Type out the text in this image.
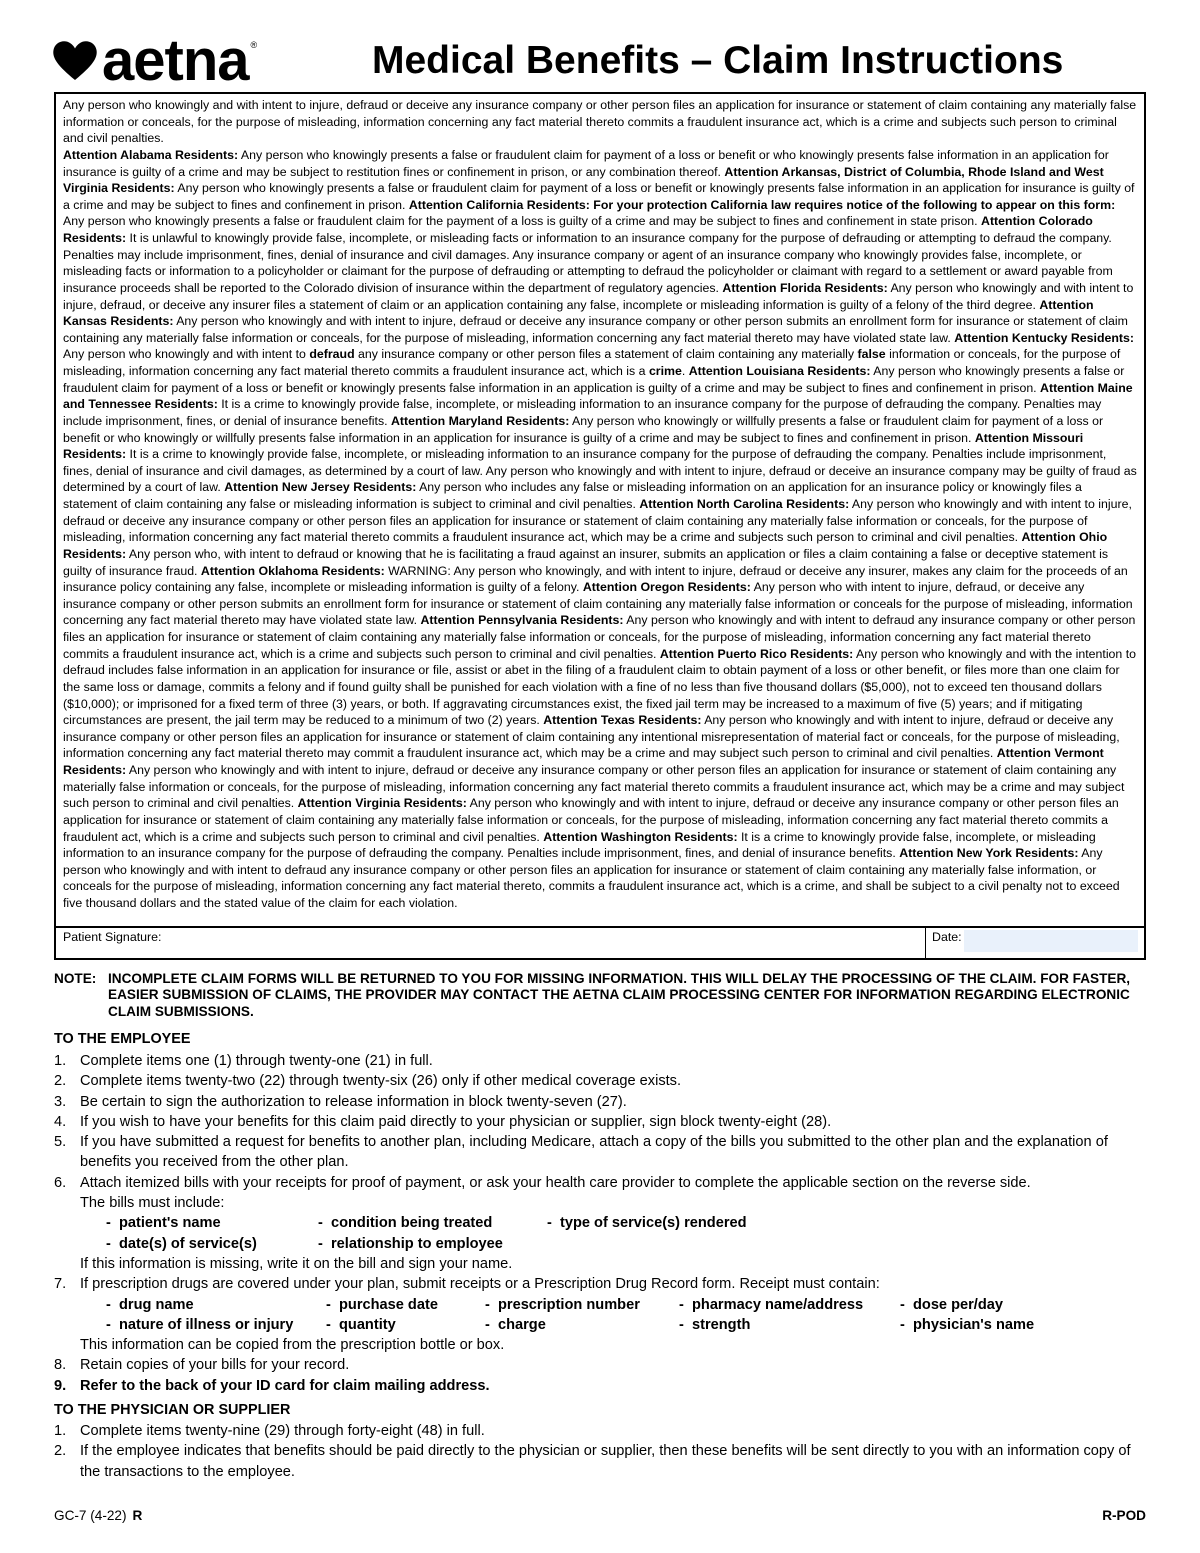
aetna ®	Medical Benefits – Claim Instructions
Any person who knowingly and with intent to injure, defraud or deceive any insurance company or other person files an application for insurance or statement of claim containing any materially false information or conceals, for the purpose of misleading, information concerning any fact material thereto commits a fraudulent insurance act, which is a crime and subjects such person to criminal and civil penalties.
Attention Alabama Residents: Any person who knowingly presents a false or fraudulent claim for payment of a loss or benefit or who knowingly presents false information in an application for insurance is guilty of a crime and may be subject to restitution fines or confinement in prison, or any combination thereof. Attention Arkansas, District of Columbia, Rhode Island and West Virginia Residents: Any person who knowingly presents a false or fraudulent claim for payment of a loss or benefit or knowingly presents false information in an application for insurance is guilty of a crime and may be subject to fines and confinement in prison. Attention California Residents: For your protection California law requires notice of the following to appear on this form: Any person who knowingly presents a false or fraudulent claim for the payment of a loss is guilty of a crime and may be subject to fines and confinement in state prison. Attention Colorado Residents: It is unlawful to knowingly provide false, incomplete, or misleading facts or information to an insurance company for the purpose of defrauding or attempting to defraud the company. Penalties may include imprisonment, fines, denial of insurance and civil damages. Any insurance company or agent of an insurance company who knowingly provides false, incomplete, or misleading facts or information to a policyholder or claimant for the purpose of defrauding or attempting to defraud the policyholder or claimant with regard to a settlement or award payable from insurance proceeds shall be reported to the Colorado division of insurance within the department of regulatory agencies. Attention Florida Residents: Any person who knowingly and with intent to injure, defraud, or deceive any insurer files a statement of claim or an application containing any false, incomplete or misleading information is guilty of a felony of the third degree. Attention Kansas Residents: Any person who knowingly and with intent to injure, defraud or deceive any insurance company or other person submits an enrollment form for insurance or statement of claim containing any materially false information or conceals, for the purpose of misleading, information concerning any fact material thereto may have violated state law. Attention Kentucky Residents: Any person who knowingly and with intent to defraud any insurance company or other person files a statement of claim containing any materially false information or conceals, for the purpose of misleading, information concerning any fact material thereto commits a fraudulent insurance act, which is a crime. Attention Louisiana Residents: Any person who knowingly presents a false or fraudulent claim for payment of a loss or benefit or knowingly presents false information in an application is guilty of a crime and may be subject to fines and confinement in prison. Attention Maine and Tennessee Residents: It is a crime to knowingly provide false, incomplete, or misleading information to an insurance company for the purpose of defrauding the company. Penalties may include imprisonment, fines, or denial of insurance benefits. Attention Maryland Residents: Any person who knowingly or willfully presents a false or fraudulent claim for payment of a loss or benefit or who knowingly or willfully presents false information in an application for insurance is guilty of a crime and may be subject to fines and confinement in prison. Attention Missouri Residents: It is a crime to knowingly provide false, incomplete, or misleading information to an insurance company for the purpose of defrauding the company. Penalties include imprisonment, fines, denial of insurance and civil damages, as determined by a court of law. Any person who knowingly and with intent to injure, defraud or deceive an insurance company may be guilty of fraud as determined by a court of law. Attention New Jersey Residents: Any person who includes any false or misleading information on an application for an insurance policy or knowingly files a statement of claim containing any false or misleading information is subject to criminal and civil penalties. Attention North Carolina Residents: Any person who knowingly and with intent to injure, defraud or deceive any insurance company or other person files an application for insurance or statement of claim containing any materially false information or conceals, for the purpose of misleading, information concerning any fact material thereto commits a fraudulent insurance act, which may be a crime and subjects such person to criminal and civil penalties. Attention Ohio Residents: Any person who, with intent to defraud or knowing that he is facilitating a fraud against an insurer, submits an application or files a claim containing a false or deceptive statement is guilty of insurance fraud. Attention Oklahoma Residents: WARNING: Any person who knowingly, and with intent to injure, defraud or deceive any insurer, makes any claim for the proceeds of an insurance policy containing any false, incomplete or misleading information is guilty of a felony. Attention Oregon Residents: Any person who with intent to injure, defraud, or deceive any insurance company or other person submits an enrollment form for insurance or statement of claim containing any materially false information or conceals for the purpose of misleading, information concerning any fact material thereto may have violated state law. Attention Pennsylvania Residents: Any person who knowingly and with intent to defraud any insurance company or other person files an application for insurance or statement of claim containing any materially false information or conceals, for the purpose of misleading, information concerning any fact material thereto commits a fraudulent insurance act, which is a crime and subjects such person to criminal and civil penalties. Attention Puerto Rico Residents: Any person who knowingly and with the intention to defraud includes false information in an application for insurance or file, assist or abet in the filing of a fraudulent claim to obtain payment of a loss or other benefit, or files more than one claim for the same loss or damage, commits a felony and if found guilty shall be punished for each violation with a fine of no less than five thousand dollars ($5,000), not to exceed ten thousand dollars ($10,000); or imprisoned for a fixed term of three (3) years, or both. If aggravating circumstances exist, the fixed jail term may be increased to a maximum of five (5) years; and if mitigating circumstances are present, the jail term may be reduced to a minimum of two (2) years. Attention Texas Residents: Any person who knowingly and with intent to injure, defraud or deceive any insurance company or other person files an application for insurance or statement of claim containing any intentional misrepresentation of material fact or conceals, for the purpose of misleading, information concerning any fact material thereto may commit a fraudulent insurance act, which may be a crime and may subject such person to criminal and civil penalties. Attention Vermont Residents: Any person who knowingly and with intent to injure, defraud or deceive any insurance company or other person files an application for insurance or statement of claim containing any materially false information or conceals, for the purpose of misleading, information concerning any fact material thereto commits a fraudulent insurance act, which may be a crime and may subject such person to criminal and civil penalties. Attention Virginia Residents: Any person who knowingly and with intent to injure, defraud or deceive any insurance company or other person files an application for insurance or statement of claim containing any materially false information or conceals, for the purpose of misleading, information concerning any fact material thereto commits a fraudulent act, which is a crime and subjects such person to criminal and civil penalties. Attention Washington Residents: It is a crime to knowingly provide false, incomplete, or misleading information to an insurance company for the purpose of defrauding the company. Penalties include imprisonment, fines, and denial of insurance benefits. Attention New York Residents: Any person who knowingly and with intent to defraud any insurance company or other person files an application for insurance or statement of claim containing any materially false information, or conceals for the purpose of misleading, information concerning any fact material thereto, commits a fraudulent insurance act, which is a crime, and shall be subject to a civil penalty not to exceed five thousand dollars and the stated value of the claim for each violation.
Patient Signature:	Date:
NOTE: INCOMPLETE CLAIM FORMS WILL BE RETURNED TO YOU FOR MISSING INFORMATION. THIS WILL DELAY THE PROCESSING OF THE CLAIM. FOR FASTER, EASIER SUBMISSION OF CLAIMS, THE PROVIDER MAY CONTACT THE AETNA CLAIM PROCESSING CENTER FOR INFORMATION REGARDING ELECTRONIC CLAIM SUBMISSIONS.
TO THE EMPLOYEE
1. Complete items one (1) through twenty-one (21) in full.
2. Complete items twenty-two (22) through twenty-six (26) only if other medical coverage exists.
3. Be certain to sign the authorization to release information in block twenty-seven (27).
4. If you wish to have your benefits for this claim paid directly to your physician or supplier, sign block twenty-eight (28).
5. If you have submitted a request for benefits to another plan, including Medicare, attach a copy of the bills you submitted to the other plan and the explanation of benefits you received from the other plan.
6. Attach itemized bills with your receipts for proof of payment, or ask your health care provider to complete the applicable section on the reverse side.
The bills must include:
- patient's name	- condition being treated	- type of service(s) rendered
- date(s) of service(s)	- relationship to employee
If this information is missing, write it on the bill and sign your name.
7. If prescription drugs are covered under your plan, submit receipts or a Prescription Drug Record form. Receipt must contain:
- drug name	- purchase date	- prescription number	- pharmacy name/address	- dose per/day
- nature of illness or injury	- quantity	- charge	- strength	- physician's name
This information can be copied from the prescription bottle or box.
8. Retain copies of your bills for your record.
9. Refer to the back of your ID card for claim mailing address.
TO THE PHYSICIAN OR SUPPLIER
1. Complete items twenty-nine (29) through forty-eight (48) in full.
2. If the employee indicates that benefits should be paid directly to the physician or supplier, then these benefits will be sent directly to you with an information copy of the transactions to the employee.
GC-7 (4-22) R	R-POD
